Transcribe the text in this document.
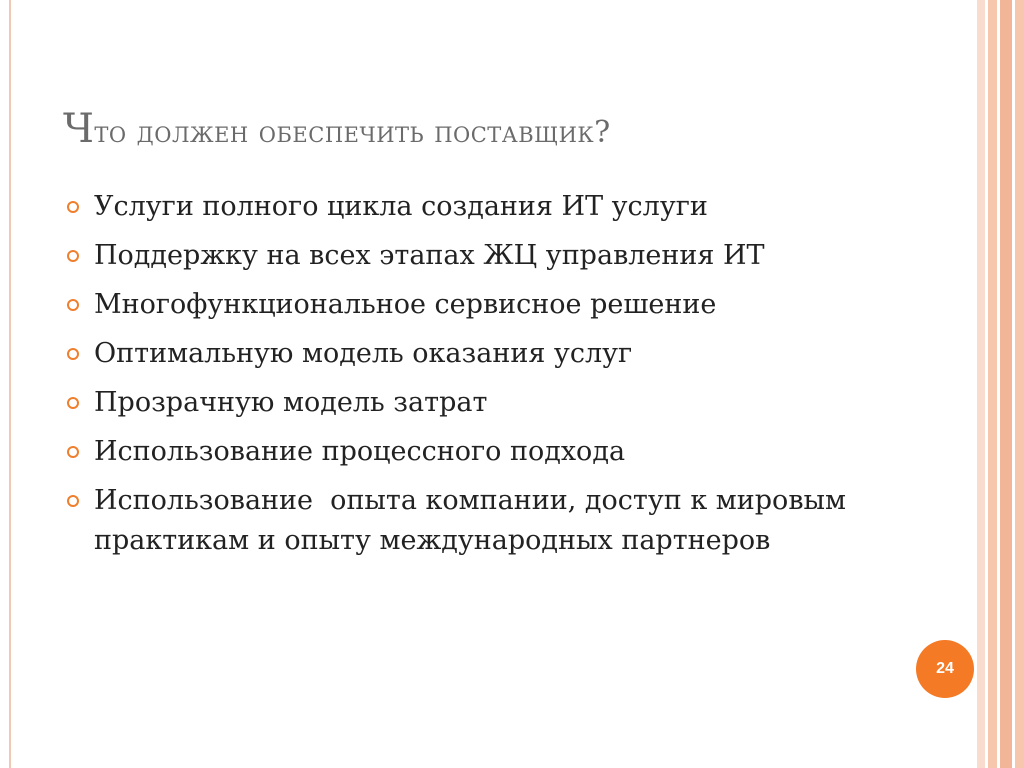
Что должен обеспечить поставщик?
Услуги полного цикла создания ИТ услуги
Поддержку на всех этапах ЖЦ управления ИТ
Многофункциональное сервисное решение
Оптимальную модель оказания услуг
Прозрачную модель затрат
Использование процессного подхода
Использование  опыта компании, доступ к мировым практикам и опыту международных партнеров
24
